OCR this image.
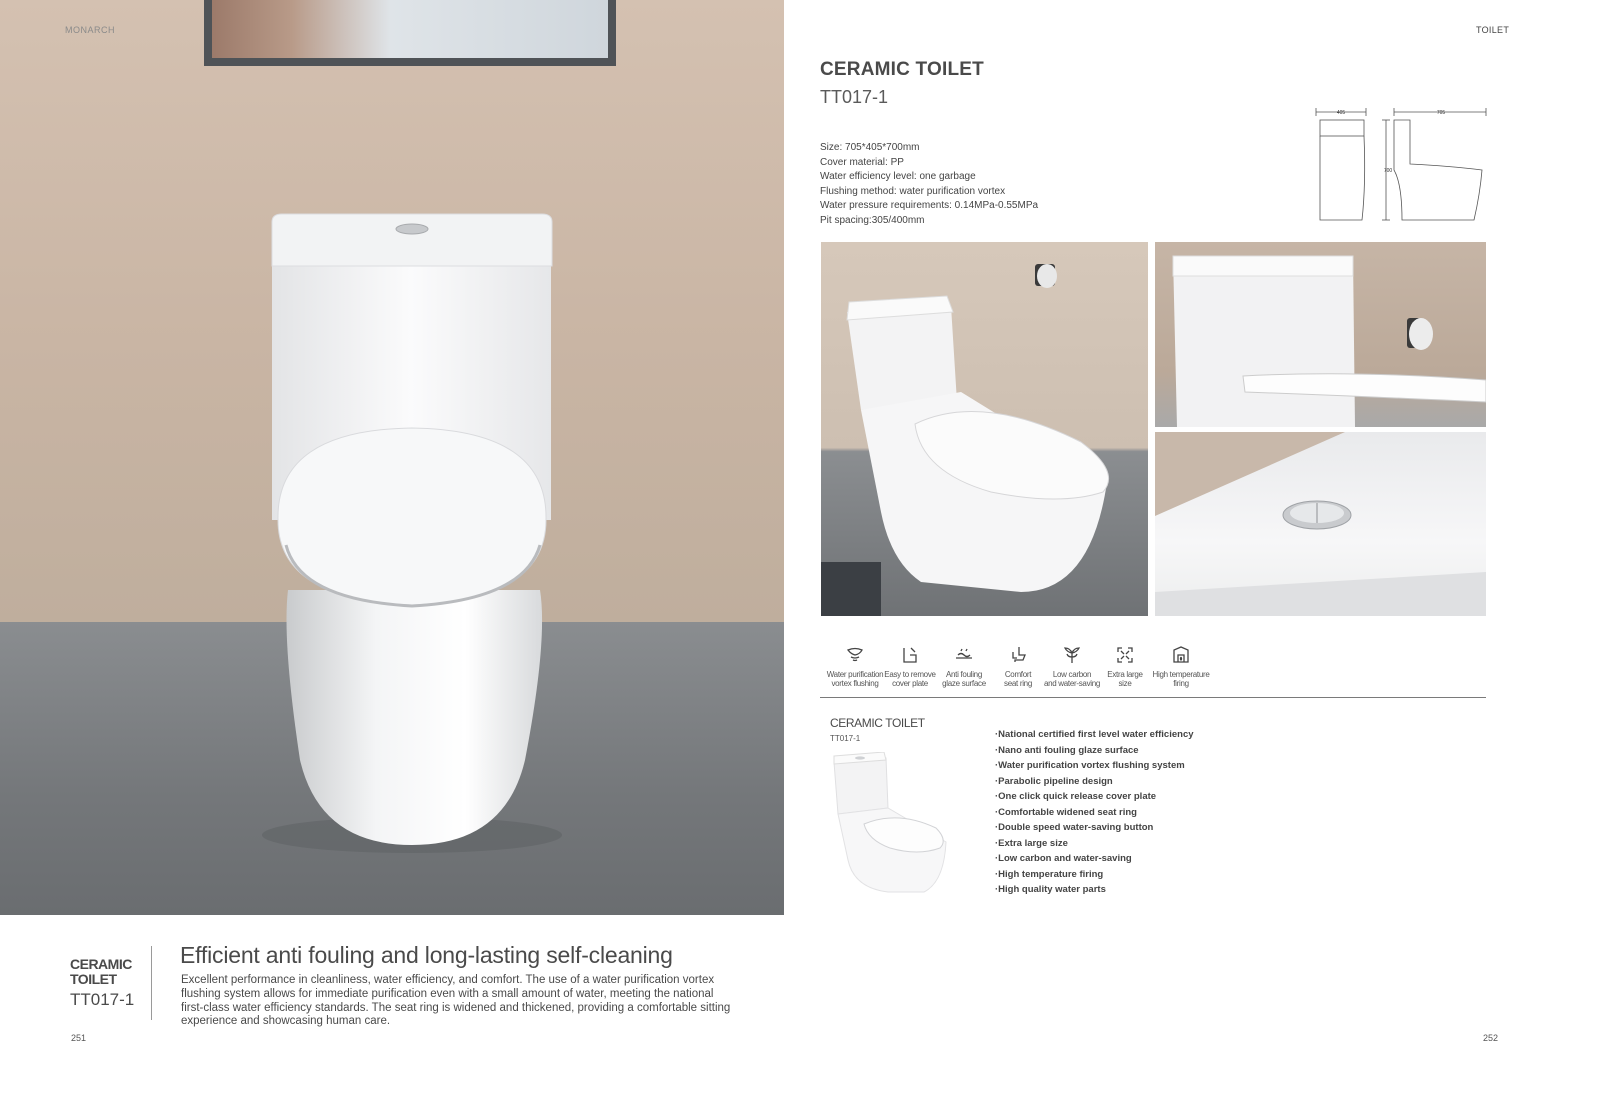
MONARCH
CERAMIC
TOILET
TT017-1
Efficient anti fouling and long-lasting self-cleaning
Excellent performance in cleanliness, water efficiency, and comfort. The use of a water purification vortex
flushing system allows for immediate purification even with a small amount of water, meeting the national
first-class water efficiency standards. The seat ring is widened and thickened, providing a comfortable sitting
experience and showcasing human care.
251
TOILET
CERAMIC TOILET
TT017-1
Size: 705*405*700mm
Cover material: PP
Water efficiency level: one garbage
Flushing method: water purification vortex
Water pressure requirements: 0.14MPa-0.55MPa
Pit spacing:305/400mm
405	705
700
Water purification
vortex flushing
Easy to remove
cover plate
Anti fouling
glaze surface
Comfort
seat ring
Low carbon
and water-saving
Extra large
size
High temperature
firing
CERAMIC TOILET
TT017-1	·National certified first level water efficiency
·Nano anti fouling glaze surface
·Water purification vortex flushing system
·Parabolic pipeline design
·One click quick release cover plate
·Comfortable widened seat ring
·Double speed water-saving button
·Extra large size
·Low carbon and water-saving
·High temperature firing
·High quality water parts
252
